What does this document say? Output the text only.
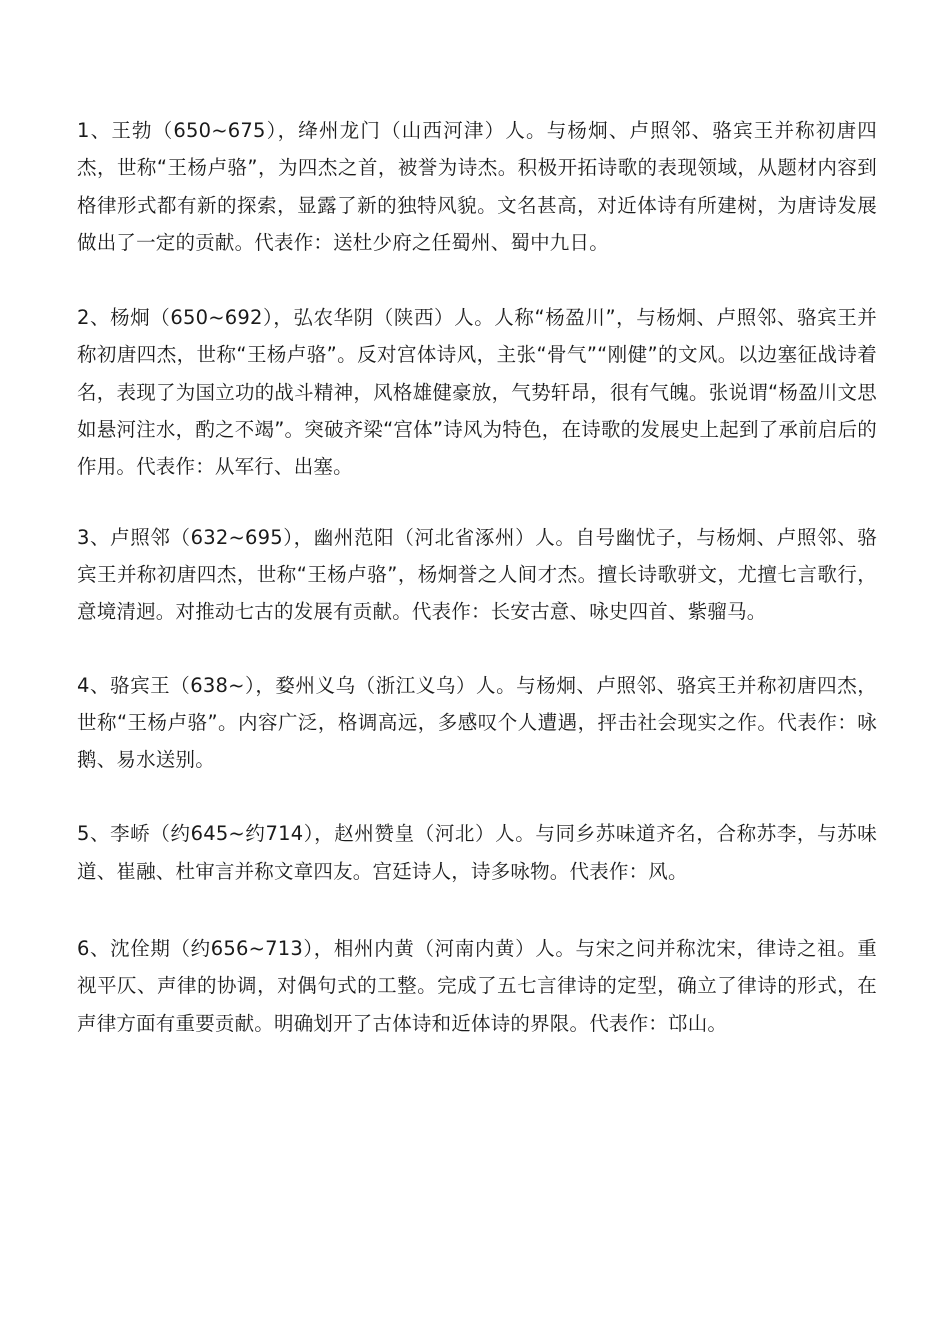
1、王勃（650~675），绛州龙门（山西河津）人。与杨炯、卢照邻、骆宾王并称初唐四杰，世称“王杨卢骆”，为四杰之首，被誉为诗杰。积极开拓诗歌的表现领域，从题材内容到格律形式都有新的探索，显露了新的独特风貌。文名甚高，对近体诗有所建树，为唐诗发展做出了一定的贡献。代表作：送杜少府之任蜀州、蜀中九日。

2、杨炯（650~692），弘农华阴（陕西）人。人称“杨盈川”，与杨炯、卢照邻、骆宾王并称初唐四杰，世称“王杨卢骆”。反对宫体诗风，主张“骨气”“刚健”的文风。以边塞征战诗着名，表现了为国立功的战斗精神，风格雄健豪放，气势轩昂，很有气魄。张说谓“杨盈川文思如悬河注水，酌之不竭”。突破齐梁“宫体”诗风为特色，在诗歌的发展史上起到了承前启后的作用。代表作：从军行、出塞。

3、卢照邻（632~695），幽州范阳（河北省涿州）人。自号幽忧子，与杨炯、卢照邻、骆宾王并称初唐四杰，世称“王杨卢骆”，杨炯誉之人间才杰。擅长诗歌骈文，尤擅七言歌行，意境清迥。对推动七古的发展有贡献。代表作：长安古意、咏史四首、紫骝马。

4、骆宾王（638~），婺州义乌（浙江义乌）人。与杨炯、卢照邻、骆宾王并称初唐四杰，世称“王杨卢骆”。内容广泛，格调高远，多感叹个人遭遇，抨击社会现实之作。代表作：咏鹅、易水送别。

5、李峤（约645~约714），赵州赞皇（河北）人。与同乡苏味道齐名，合称苏李，与苏味道、崔融、杜审言并称文章四友。宫廷诗人，诗多咏物。代表作：风。

6、沈佺期（约656~713），相州内黄（河南内黄）人。与宋之问并称沈宋，律诗之祖。重视平仄、声律的协调，对偶句式的工整。完成了五七言律诗的定型，确立了律诗的形式，在声律方面有重要贡献。明确划开了古体诗和近体诗的界限。代表作：邙山。
